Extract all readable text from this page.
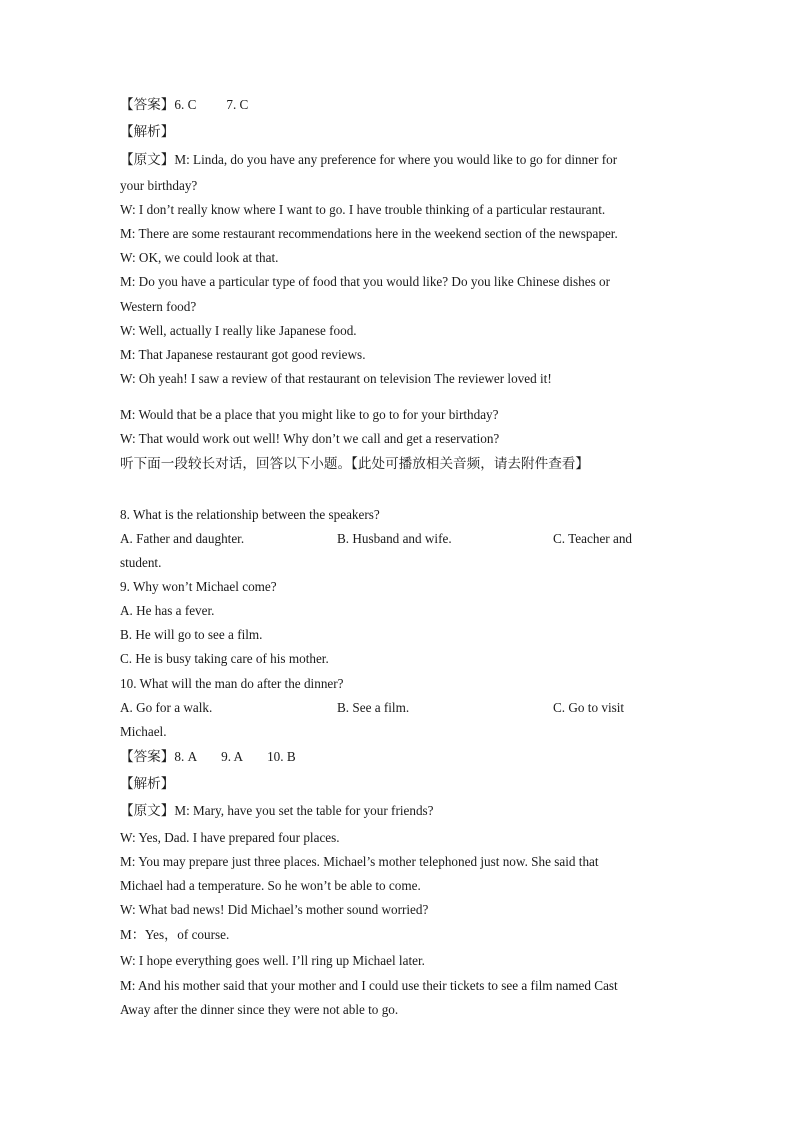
【答案】6. C 7. C
【解析】
【原文】M: Linda, do you have any preference for where you would like to go for dinner for
your birthday?
W: I don’t really know where I want to go. I have trouble thinking of a particular restaurant.
M: There are some restaurant recommendations here in the weekend section of the newspaper.
W: OK, we could look at that.
M: Do you have a particular type of food that you would like? Do you like Chinese dishes or
Western food?
W: Well, actually I really like Japanese food.
M: That Japanese restaurant got good reviews.
W: Oh yeah! I saw a review of that restaurant on television The reviewer loved it!
M: Would that be a place that you might like to go to for your birthday?
W: That would work out well! Why don’t we call and get a reservation?
听下面一段较长对话，回答以下小题。【此处可播放相关音频，请去附件查看】
8. What is the relationship between the speakers?
A. Father and daughter.	B. Husband and wife.	C. Teacher and
student.
9. Why won’t Michael come?
A. He has a fever.
B. He will go to see a film.
C. He is busy taking care of his mother.
10. What will the man do after the dinner?
A. Go for a walk.	B. See a film.	C. Go to visit
Michael.
【答案】8. A 9. A 10. B
【解析】
【原文】M: Mary, have you set the table for your friends?
W: Yes, Dad. I have prepared four places.
M: You may prepare just three places. Michael’s mother telephoned just now. She said that
Michael had a temperature. So he won’t be able to come.
W: What bad news! Did Michael’s mother sound worried?
M：Yes，of course.
W: I hope everything goes well. I’ll ring up Michael later.
M: And his mother said that your mother and I could use their tickets to see a film named Cast
Away after the dinner since they were not able to go.
